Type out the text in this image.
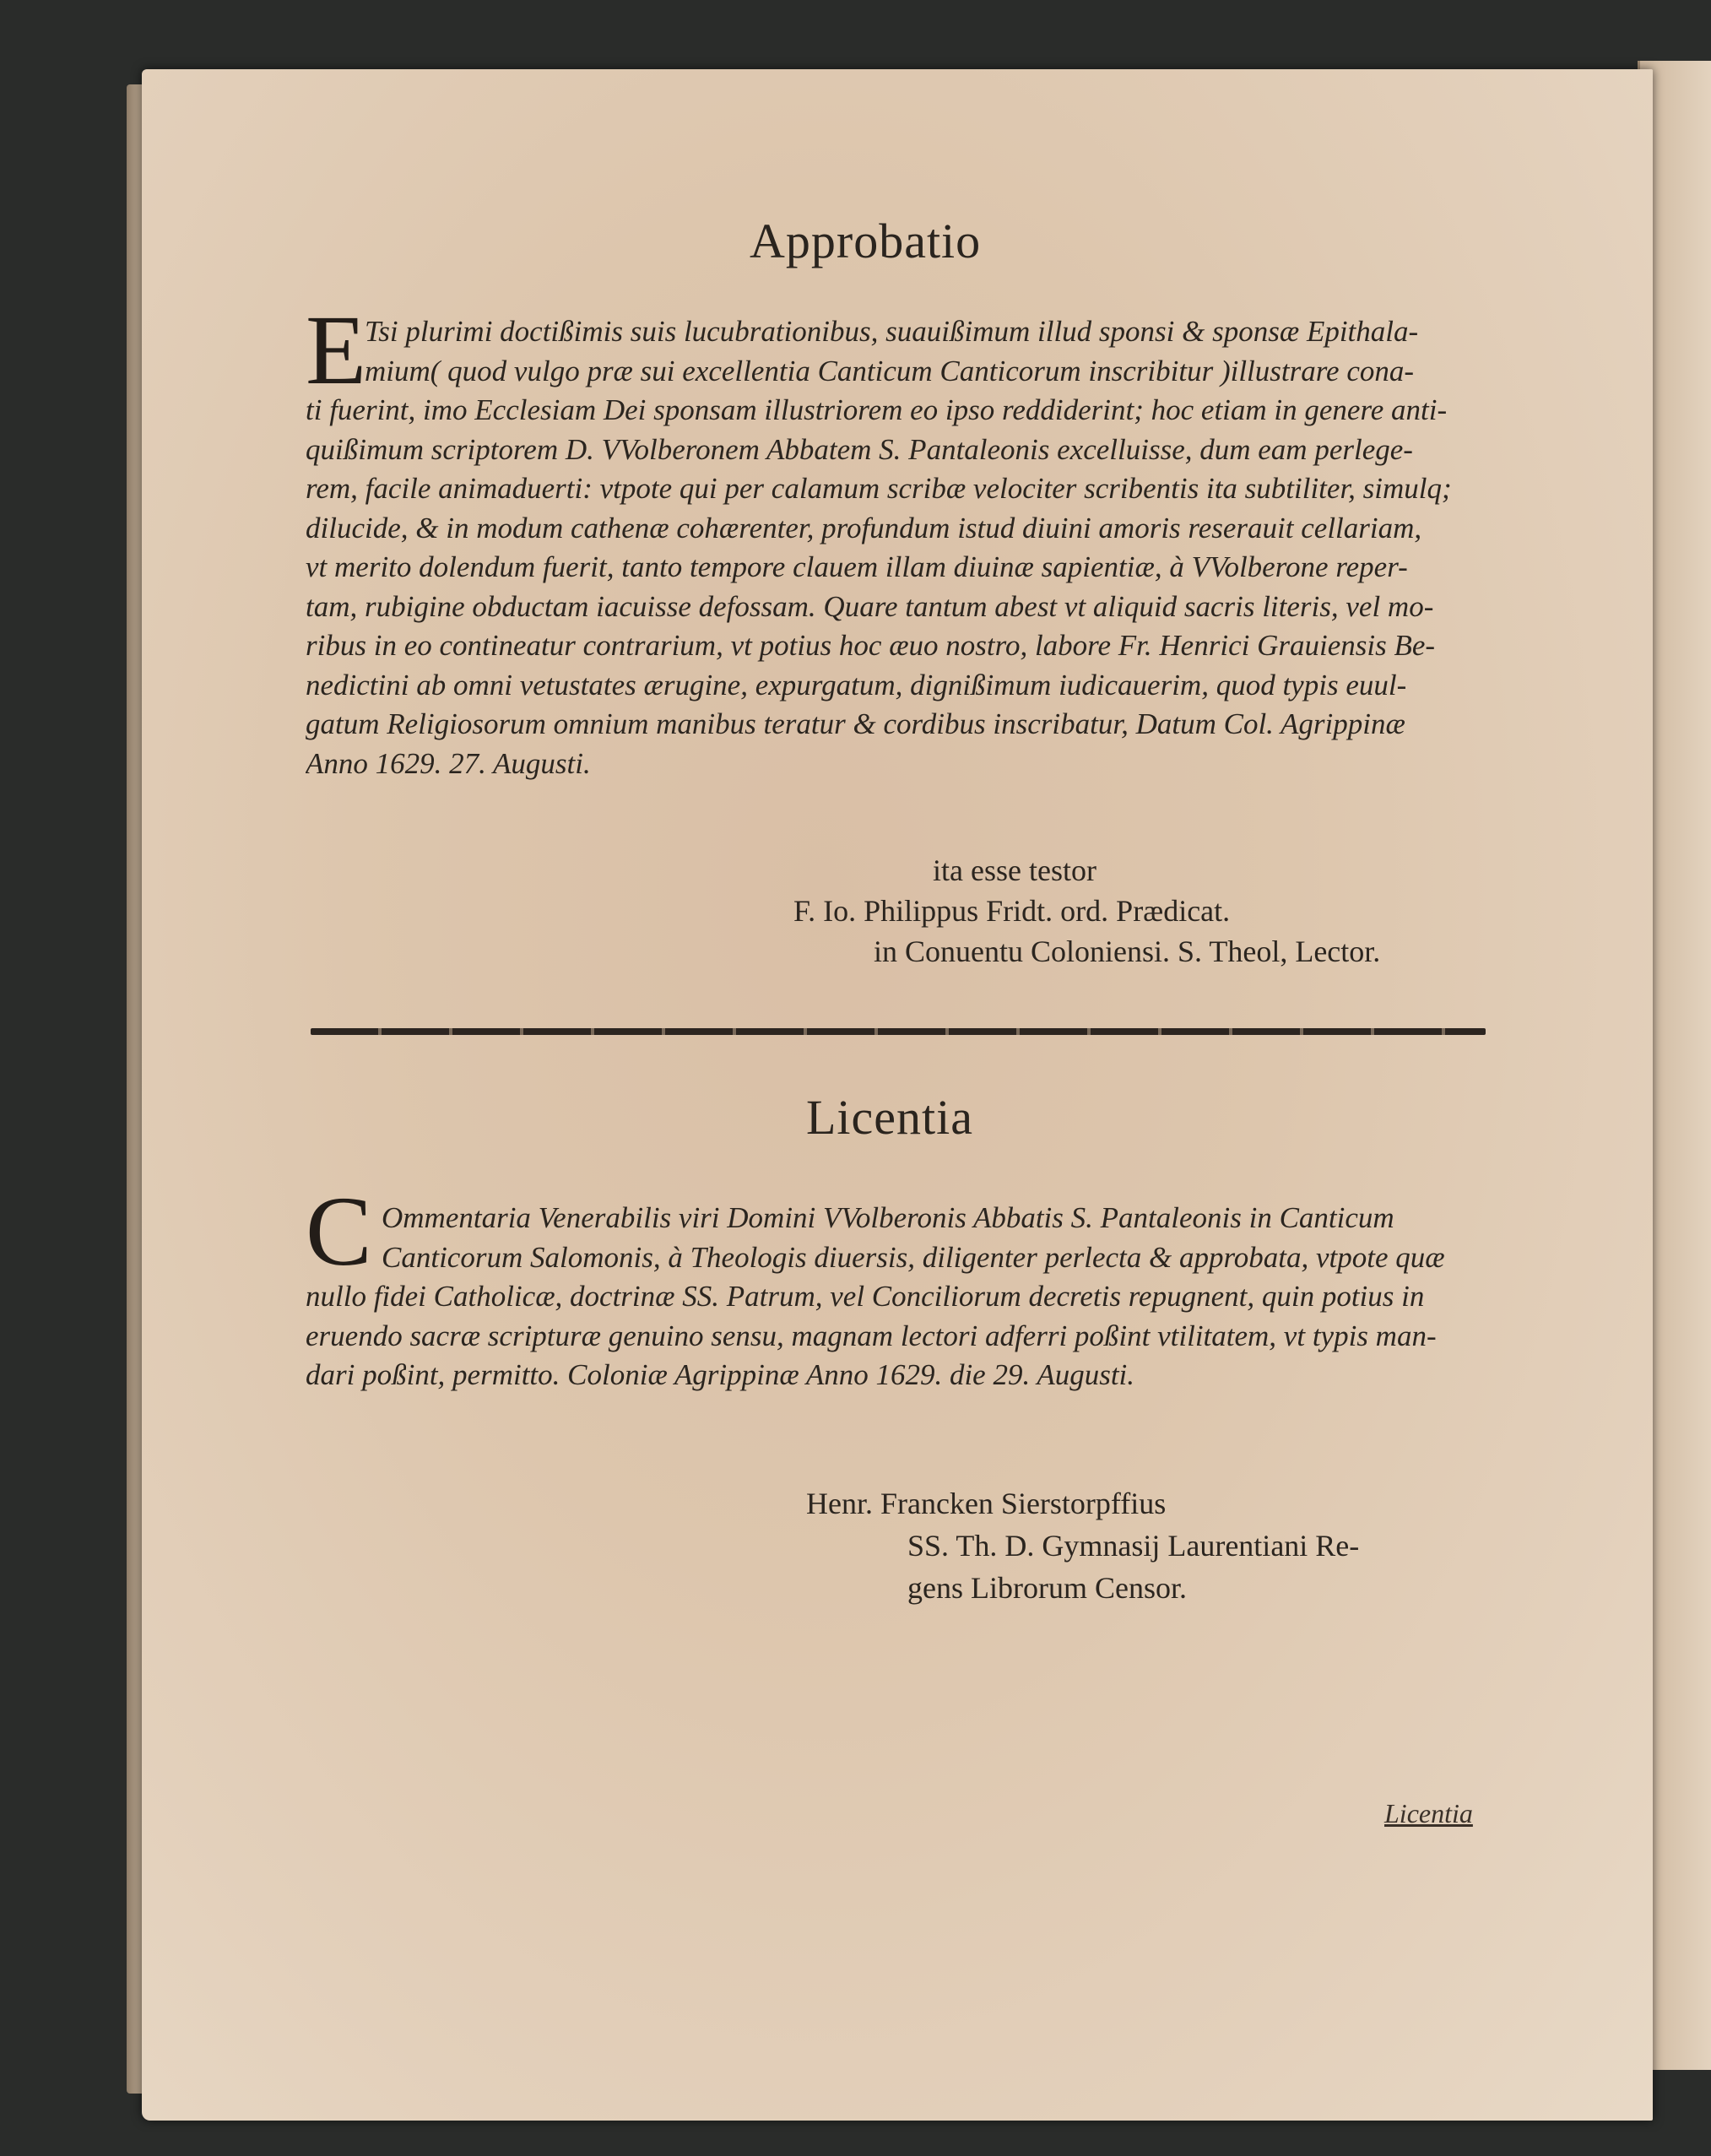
Approbatio
E
Tsi plurimi doctißimis suis lucubrationibus, suauißimum illud sponsi & sponsæ Epithala-
mium( quod vulgo præ sui excellentia Canticum Canticorum inscribitur )illustrare cona-
ti fuerint, imo Ecclesiam Dei sponsam illustriorem eo ipso reddiderint; hoc etiam in genere anti-
quißimum scriptorem D. VVolberonem Abbatem S. Pantaleonis excelluisse, dum eam perlege-
rem, facile animaduerti: vtpote qui per calamum scribæ velociter scribentis ita subtiliter, simulq;
dilucide, & in modum cathenæ cohærenter, profundum istud diuini amoris reserauit cellariam,
vt merito dolendum fuerit, tanto tempore clauem illam diuinæ sapientiæ, à VVolberone reper-
tam, rubigine obductam iacuisse defossam. Quare tantum abest vt aliquid sacris literis, vel mo-
ribus in eo contineatur contrarium, vt potius hoc æuo nostro, labore Fr. Henrici Grauiensis Be-
nedictini ab omni vetustates ærugine, expurgatum, dignißimum iudicauerim, quod typis euul-
gatum Religiosorum omnium manibus teratur & cordibus inscribatur, Datum Col. Agrippinæ
Anno 1629. 27. Augusti.
ita esse testor
F. Io. Philippus Fridt. ord. Prædicat.
in Conuentu Coloniensi. S. Theol, Lector.
Licentia
C Ommentaria Venerabilis viri Domini VVolberonis Abbatis S. Pantaleonis in Canticum
Canticorum Salomonis, à Theologis diuersis, diligenter perlecta & approbata, vtpote quæ
nullo fidei Catholicæ, doctrinæ SS. Patrum, vel Conciliorum decretis repugnent, quin potius in
eruendo sacræ scripturæ genuino sensu, magnam lectori adferri poßint vtilitatem, vt typis man-
dari poßint, permitto. Coloniæ Agrippinæ Anno 1629. die 29. Augusti.
Henr. Francken Sierstorpffius
SS. Th. D. Gymnasij Laurentiani Re-
gens Librorum Censor.
Licentia
